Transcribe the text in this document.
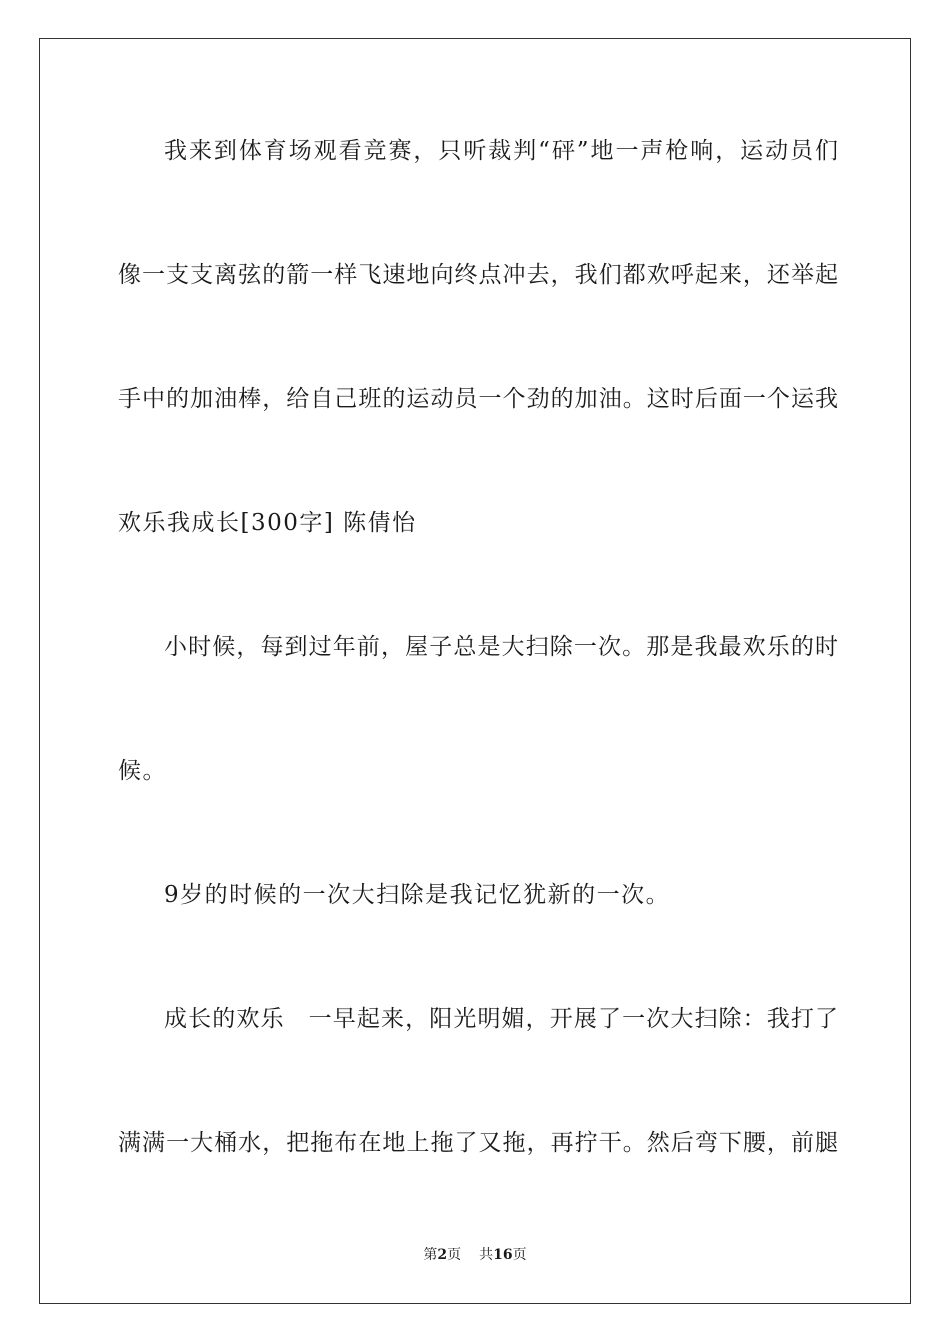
我来到体育场观看竞赛，只听裁判“砰”地一声枪响，运动员们
像一支支离弦的箭一样飞速地向终点冲去，我们都欢呼起来，还举起
手中的加油棒，给自己班的运动员一个劲的加油。这时后面一个运我
欢乐我成长[300字] 陈倩怡
小时候，每到过年前，屋子总是大扫除一次。那是我最欢乐的时
候。
9岁的时候的一次大扫除是我记忆犹新的一次。
成长的欢乐　一早起来，阳光明媚，开展了一次大扫除：我打了
满满一大桶水，把拖布在地上拖了又拖，再拧干。然后弯下腰，前腿
第2页 共16页
